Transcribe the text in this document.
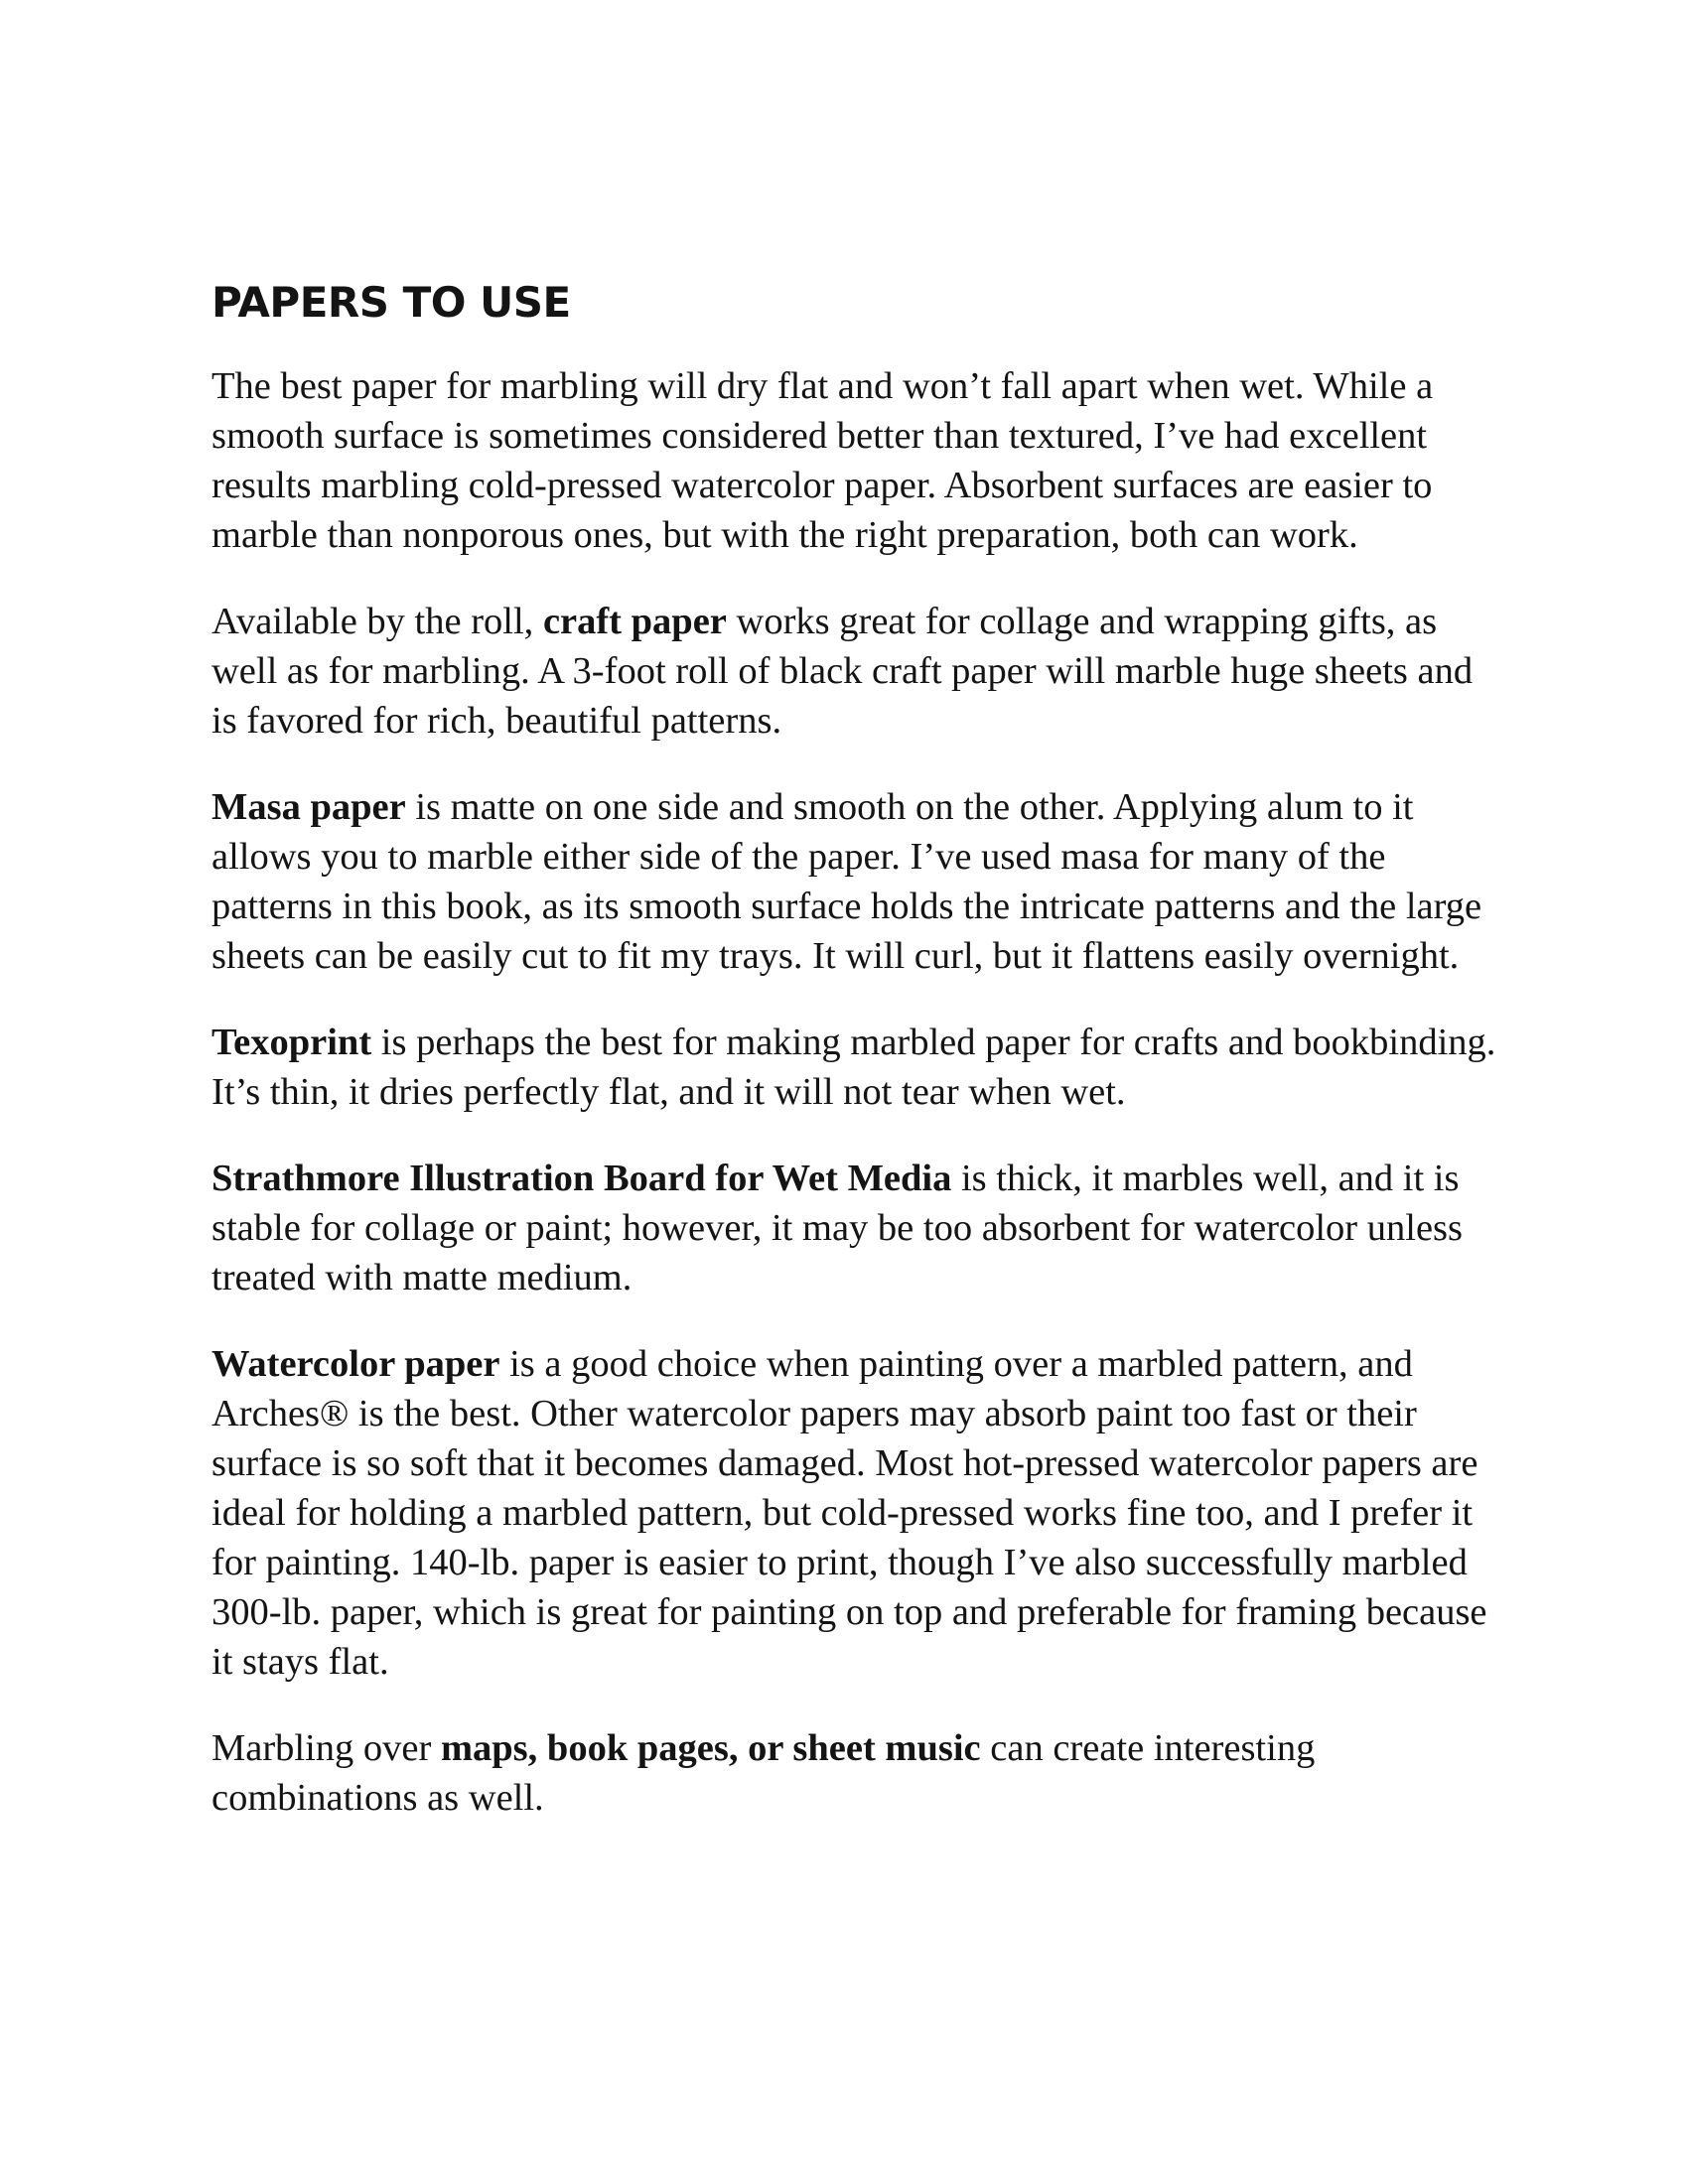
PAPERS TO USE

The best paper for marbling will dry flat and won’t fall apart when wet. While a smooth surface is sometimes considered better than textured, I’ve had excellent results marbling cold-pressed watercolor paper. Absorbent surfaces are easier to marble than nonporous ones, but with the right preparation, both can work.

Available by the roll, craft paper works great for collage and wrapping gifts, as well as for marbling. A 3-foot roll of black craft paper will marble huge sheets and is favored for rich, beautiful patterns.

Masa paper is matte on one side and smooth on the other. Applying alum to it allows you to marble either side of the paper. I’ve used masa for many of the patterns in this book, as its smooth surface holds the intricate patterns and the large sheets can be easily cut to fit my trays. It will curl, but it flattens easily overnight.

Texoprint is perhaps the best for making marbled paper for crafts and bookbinding. It’s thin, it dries perfectly flat, and it will not tear when wet.

Strathmore Illustration Board for Wet Media is thick, it marbles well, and it is stable for collage or paint; however, it may be too absorbent for watercolor unless treated with matte medium.

Watercolor paper is a good choice when painting over a marbled pattern, and Arches® is the best. Other watercolor papers may absorb paint too fast or their surface is so soft that it becomes damaged. Most hot-pressed watercolor papers are ideal for holding a marbled pattern, but cold-pressed works fine too, and I prefer it for painting. 140-lb. paper is easier to print, though I’ve also successfully marbled 300-lb. paper, which is great for painting on top and preferable for framing because it stays flat.

Marbling over maps, book pages, or sheet music can create interesting combinations as well.
